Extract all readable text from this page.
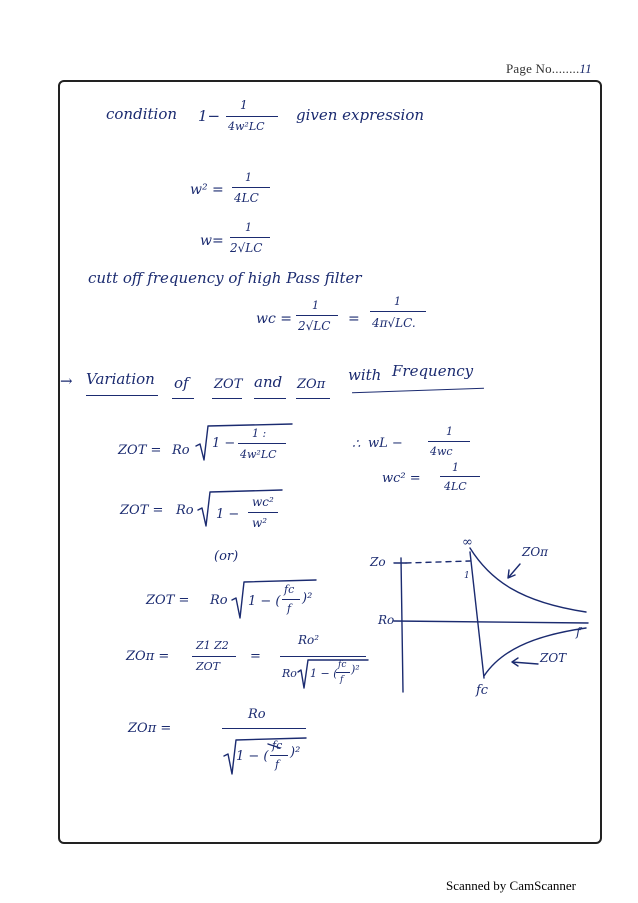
Page No........11
condition 1−
1
4w²LC
given expression
w² =
1
4LC
w=
1
2√LC
cutt off frequency of high Pass filter
wc =
1
2√LC =
1
4π√LC.
→ Variation of ZOT and ZOπ
with Frequency
ZOT = Ro 1 −
1 :
4w²LC
∴ wL −
1
4wc
wc² =
1
4LC
ZOT = Ro 1 −
wc²
w²
(or)
ZOT = Ro 1 − (
fc
f
)²
ZOπ =
Z1 Z2
ZOT
=
Ro²
Ro 1 − (
fc
f
)²
ZOπ =
Ro
1 − (
fc
f
)²
Zo
Ro
∞
1
f
fc
ZOπ
ZOT
Scanned by CamScanner
